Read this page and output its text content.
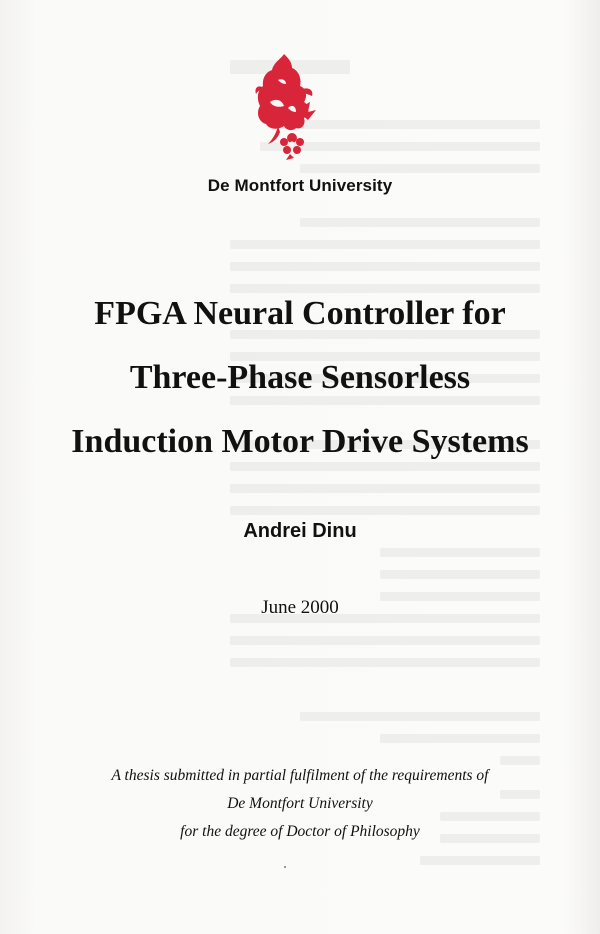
De Montfort University
FPGA Neural Controller for
Three-Phase Sensorless
Induction Motor Drive Systems
Andrei Dinu
June 2000
A thesis submitted in partial fulfilment of the requirements of
De Montfort University
for the degree of Doctor of Philosophy
